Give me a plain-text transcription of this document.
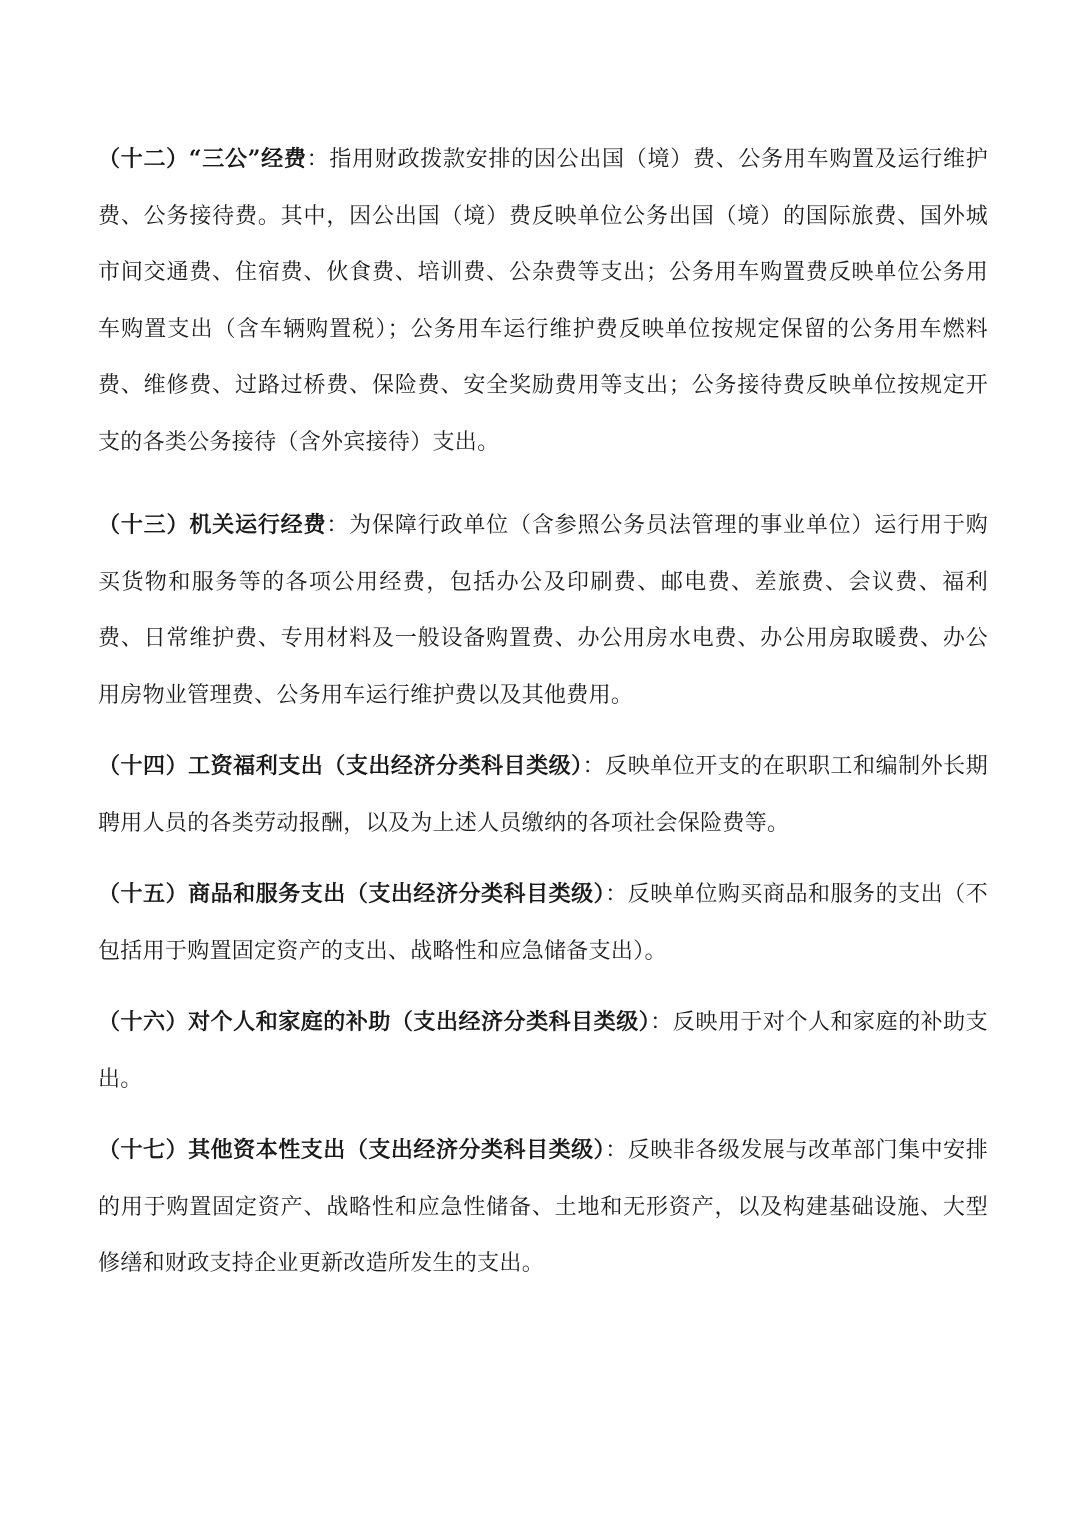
（十二）“三公”经费：指用财政拨款安排的因公出国（境）费、公务用车购置及运行维护费、公务接待费。其中，因公出国（境）费反映单位公务出国（境）的国际旅费、国外城市间交通费、住宿费、伙食费、培训费、公杂费等支出；公务用车购置费反映单位公务用车购置支出（含车辆购置税）；公务用车运行维护费反映单位按规定保留的公务用车燃料费、维修费、过路过桥费、保险费、安全奖励费用等支出；公务接待费反映单位按规定开支的各类公务接待（含外宾接待）支出。

（十三）机关运行经费：为保障行政单位（含参照公务员法管理的事业单位）运行用于购买货物和服务等的各项公用经费，包括办公及印刷费、邮电费、差旅费、会议费、福利费、日常维护费、专用材料及一般设备购置费、办公用房水电费、办公用房取暖费、办公用房物业管理费、公务用车运行维护费以及其他费用。

（十四）工资福利支出（支出经济分类科目类级）：反映单位开支的在职职工和编制外长期聘用人员的各类劳动报酬，以及为上述人员缴纳的各项社会保险费等。

（十五）商品和服务支出（支出经济分类科目类级）：反映单位购买商品和服务的支出（不包括用于购置固定资产的支出、战略性和应急储备支出）。

（十六）对个人和家庭的补助（支出经济分类科目类级）：反映用于对个人和家庭的补助支出。

（十七）其他资本性支出（支出经济分类科目类级）：反映非各级发展与改革部门集中安排的用于购置固定资产、战略性和应急性储备、土地和无形资产，以及构建基础设施、大型修缮和财政支持企业更新改造所发生的支出。
